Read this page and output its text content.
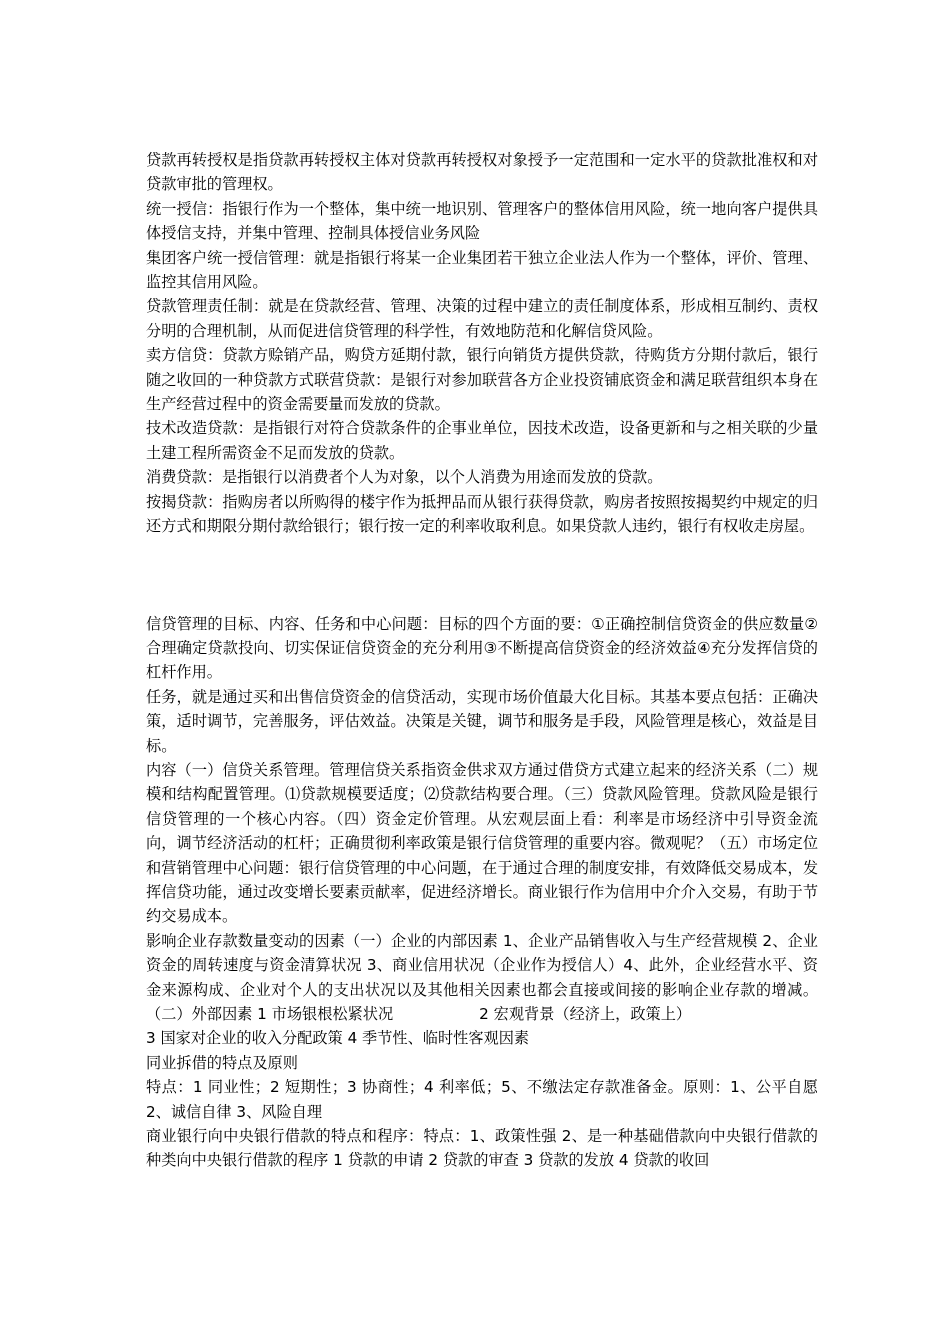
贷款再转授权是指贷款再转授权主体对贷款再转授权对象授予一定范围和一定水平的贷款批准权和对贷款审批的管理权。

统一授信：指银行作为一个整体，集中统一地识别、管理客户的整体信用风险，统一地向客户提供具体授信支持，并集中管理、控制具体授信业务风险

集团客户统一授信管理：就是指银行将某一企业集团若干独立企业法人作为一个整体，评价、管理、监控其信用风险。

贷款管理责任制：就是在贷款经营、管理、决策的过程中建立的责任制度体系，形成相互制约、责权分明的合理机制，从而促进信贷管理的科学性，有效地防范和化解信贷风险。

卖方信贷：贷款方赊销产品，购贷方延期付款，银行向销货方提供贷款，待购货方分期付款后，银行随之收回的一种贷款方式联营贷款：是银行对参加联营各方企业投资铺底资金和满足联营组织本身在生产经营过程中的资金需要量而发放的贷款。

技术改造贷款：是指银行对符合贷款条件的企事业单位，因技术改造，设备更新和与之相关联的少量土建工程所需资金不足而发放的贷款。

消费贷款：是指银行以消费者个人为对象，以个人消费为用途而发放的贷款。

按揭贷款：指购房者以所购得的楼宇作为抵押品而从银行获得贷款，购房者按照按揭契约中规定的归还方式和期限分期付款给银行；银行按一定的利率收取利息。如果贷款人违约，银行有权收走房屋。

信贷管理的目标、内容、任务和中心问题：目标的四个方面的要：①正确控制信贷资金的供应数量②合理确定贷款投向、切实保证信贷资金的充分利用③不断提高信贷资金的经济效益④充分发挥信贷的杠杆作用。

任务，就是通过买和出售信贷资金的信贷活动，实现市场价值最大化目标。其基本要点包括：正确决策，适时调节，完善服务，评估效益。决策是关键，调节和服务是手段，风险管理是核心，效益是目标。

内容（一）信贷关系管理。管理信贷关系指资金供求双方通过借贷方式建立起来的经济关系（二）规模和结构配置管理。⑴贷款规模要适度；⑵贷款结构要合理。（三）贷款风险管理。贷款风险是银行信贷管理的一个核心内容。（四）资金定价管理。从宏观层面上看：利率是市场经济中引导资金流向，调节经济活动的杠杆；正确贯彻利率政策是银行信贷管理的重要内容。微观呢？（五）市场定位和营销管理中心问题：银行信贷管理的中心问题，在于通过合理的制度安排，有效降低交易成本，发挥信贷功能，通过改变增长要素贡献率，促进经济增长。商业银行作为信用中介介入交易，有助于节约交易成本。

影响企业存款数量变动的因素（一）企业的内部因素 1、企业产品销售收入与生产经营规模 2、企业资金的周转速度与资金清算状况 3、商业信用状况（企业作为授信人）4、此外，企业经营水平、资金来源构成、企业对个人的支出状况以及其他相关因素也都会直接或间接的影响企业存款的增减。（二）外部因素 1 市场银根松紧状况	2 宏观背景（经济上，政策上）

3 国家对企业的收入分配政策 4 季节性、临时性客观因素

同业拆借的特点及原则

特点：1 同业性；2 短期性；3 协商性；4 利率低；5、不缴法定存款准备金。原则：1、公平自愿 2、诚信自律 3、风险自理

商业银行向中央银行借款的特点和程序：特点：1、政策性强 2、是一种基础借款向中央银行借款的种类向中央银行借款的程序 1 贷款的申请 2 贷款的审查 3 贷款的发放 4 贷款的收回
